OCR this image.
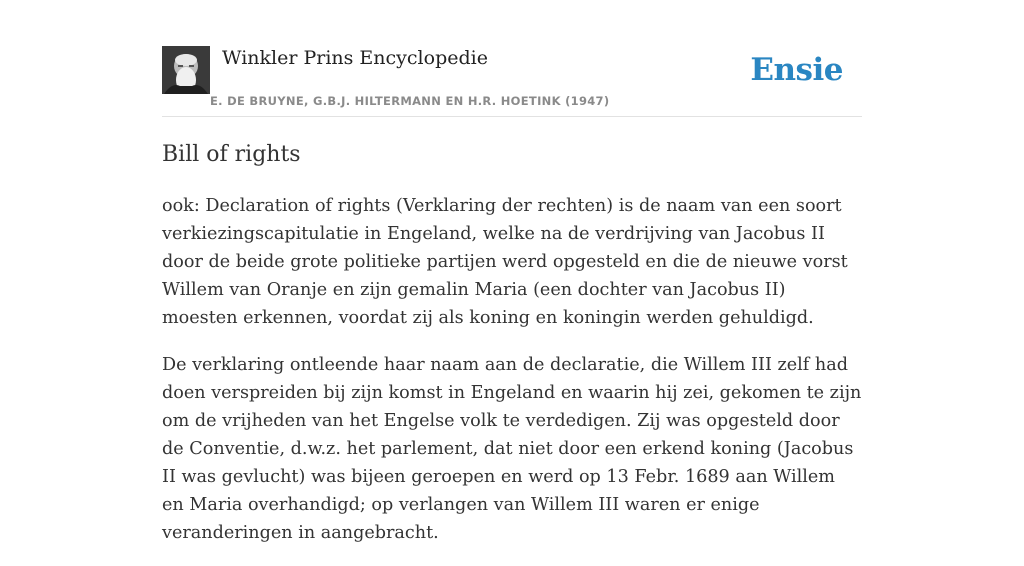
Winkler Prins Encyclopedie
E. DE BRUYNE, G.B.J. HILTERMANN EN H.R. HOETINK (1947)
Ensie
Bill of rights

ook: Declaration of rights (Verklaring der rechten) is de naam van een soort verkiezingscapitulatie in Engeland, welke na de verdrijving van Jacobus II door de beide grote politieke partijen werd opgesteld en die de nieuwe vorst Willem van Oranje en zijn gemalin Maria (een dochter van Jacobus II) moesten erkennen, voordat zij als koning en koningin werden gehuldigd.

De verklaring ontleende haar naam aan de declaratie, die Willem III zelf had doen verspreiden bij zijn komst in Engeland en waarin hij zei, gekomen te zijn om de vrijheden van het Engelse volk te verdedigen. Zij was opgesteld door de Conventie, d.w.z. het parlement, dat niet door een erkend koning (Jacobus II was gevlucht) was bijeen geroepen en werd op 13 Febr. 1689 aan Willem en Maria overhandigd; op verlangen van Willem III waren er enige veranderingen in aangebracht.
